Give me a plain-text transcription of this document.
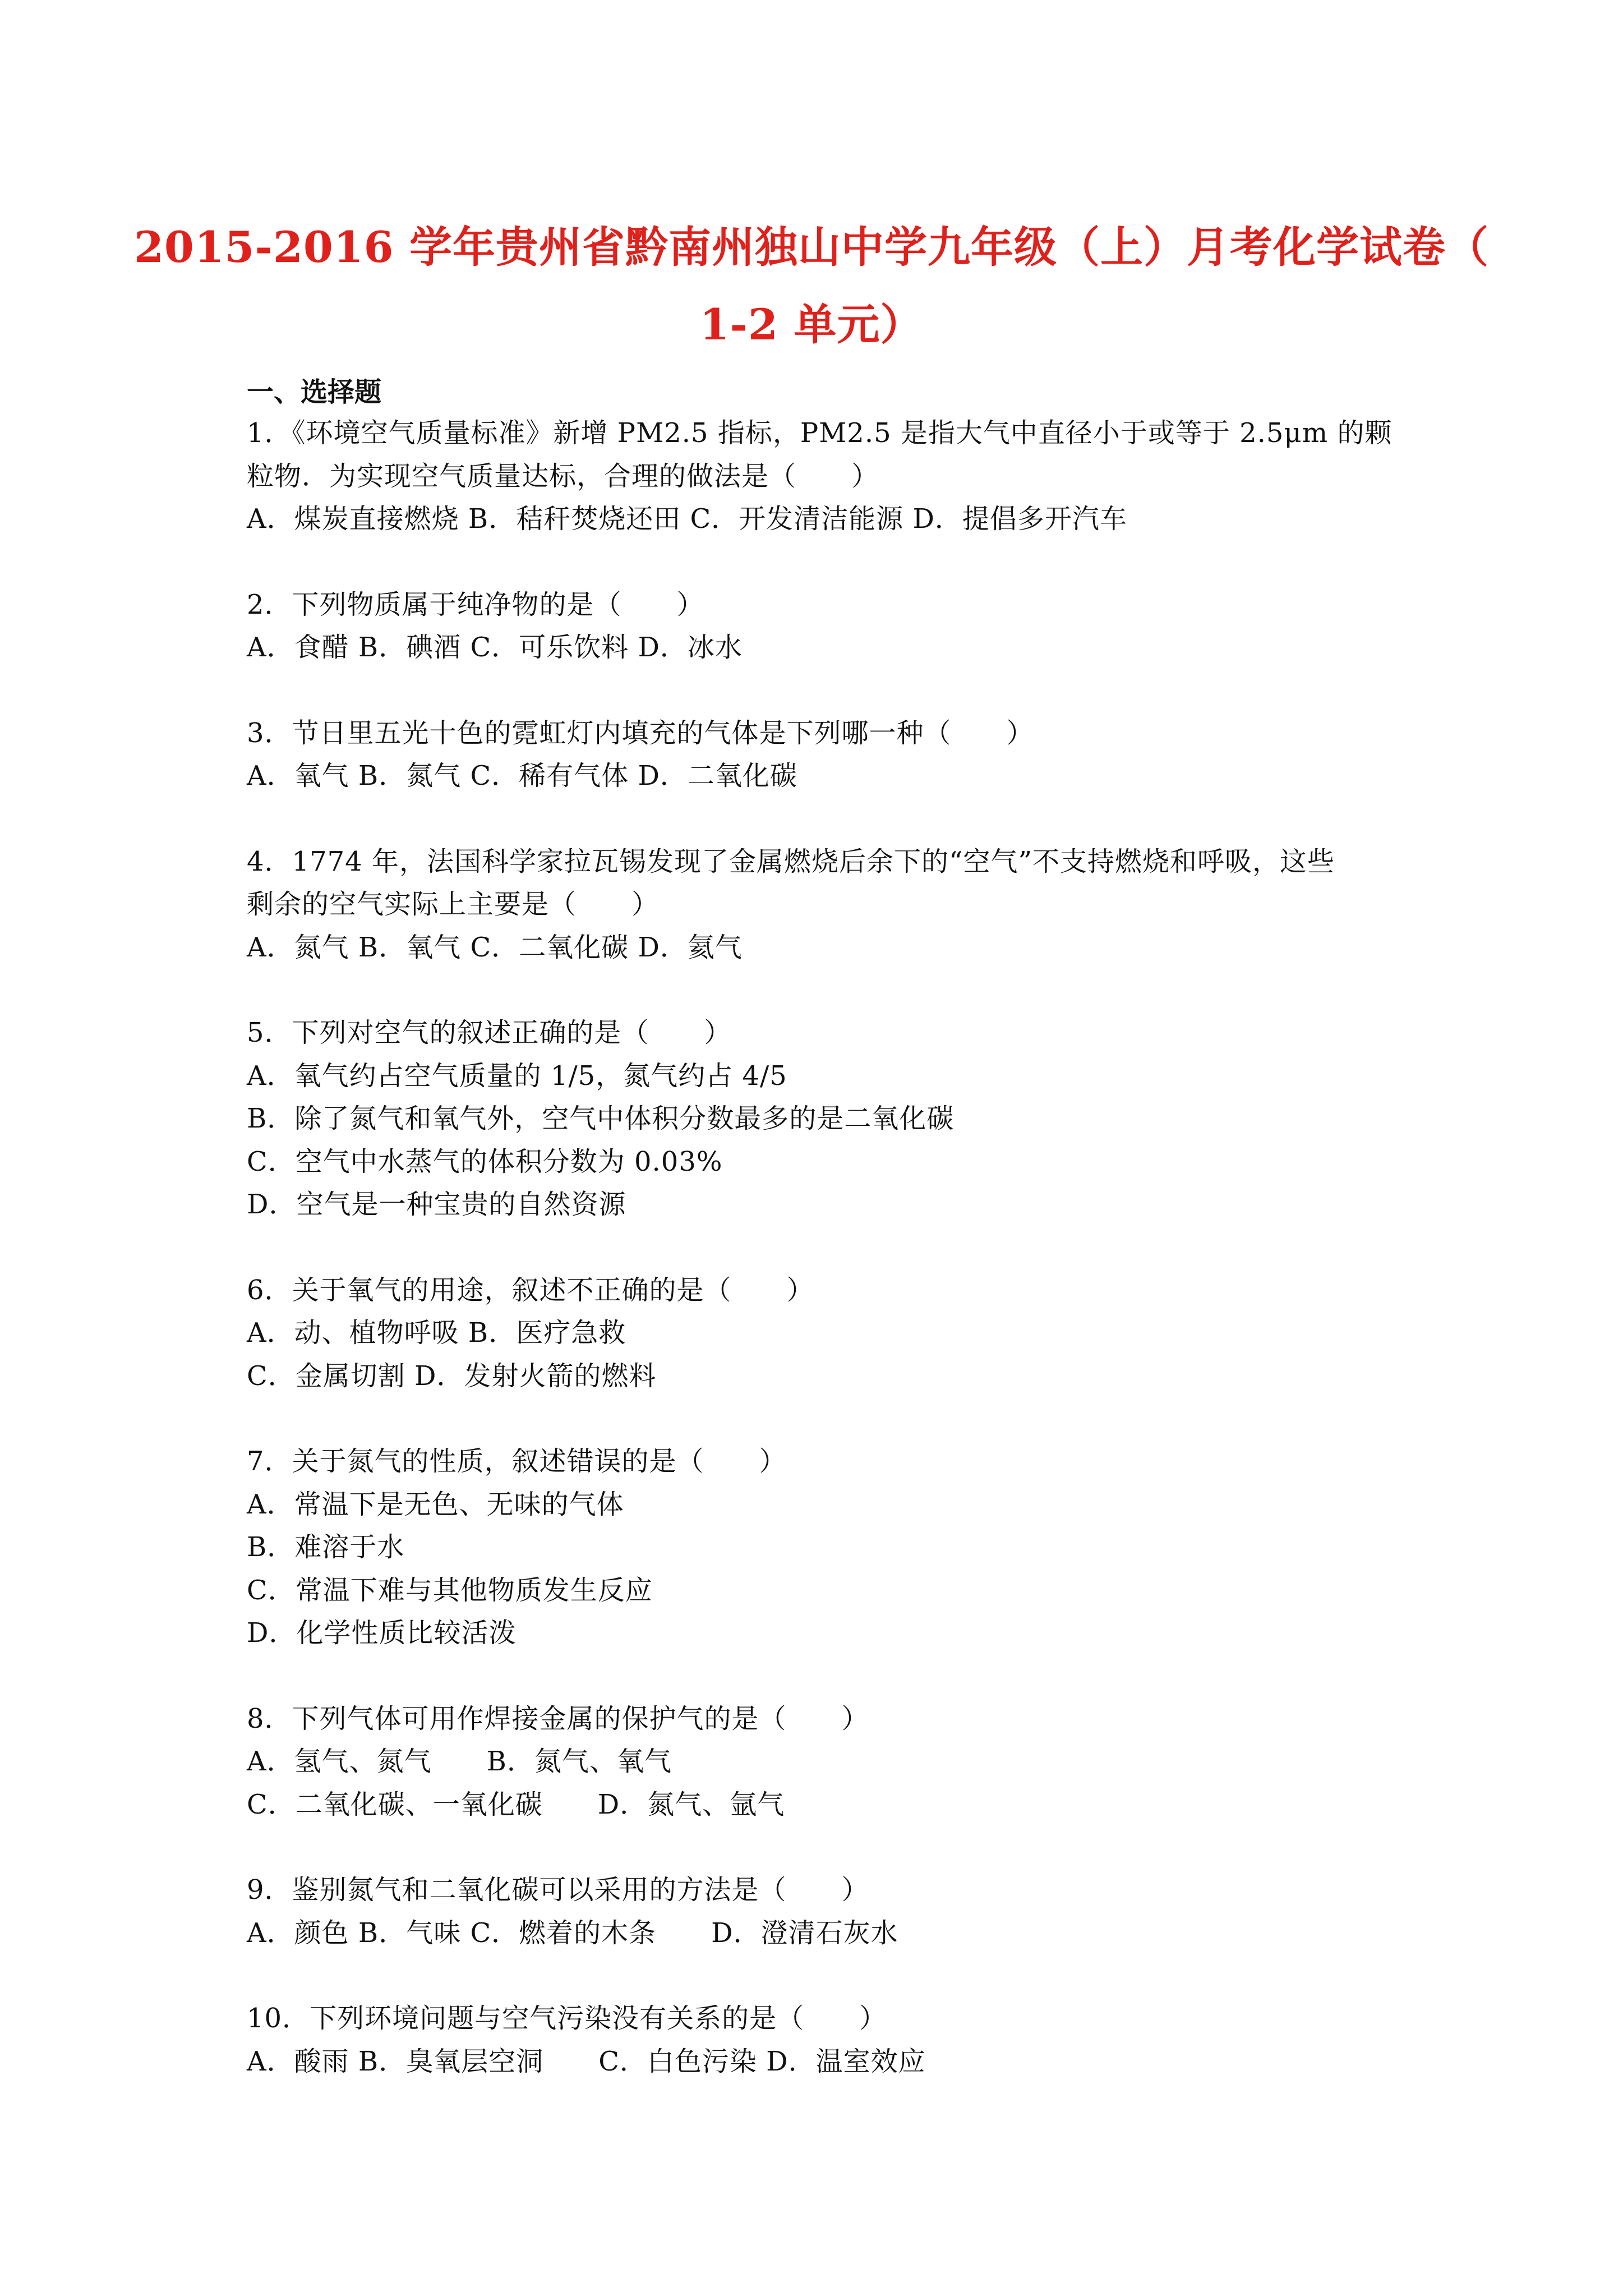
2015-2016 学年贵州省黔南州独山中学九年级（上）月考化学试卷（
1-2 单元）
一、选择题
1．《环境空气质量标准》新增 PM2.5 指标，PM2.5 是指大气中直径小于或等于 2.5μm 的颗
粒物．为实现空气质量达标，合理的做法是（　　）
A．煤炭直接燃烧 B．秸秆焚烧还田 C．开发清洁能源 D．提倡多开汽车
2．下列物质属于纯净物的是（　　）
A．食醋 B．碘酒 C．可乐饮料 D．冰水
3．节日里五光十色的霓虹灯内填充的气体是下列哪一种（　　）
A．氧气 B．氮气 C．稀有气体 D．二氧化碳
4．1774 年，法国科学家拉瓦锡发现了金属燃烧后余下的“空气”不支持燃烧和呼吸，这些
剩余的空气实际上主要是（　　）
A．氮气 B．氧气 C．二氧化碳 D．氦气
5．下列对空气的叙述正确的是（　　）
A．氧气约占空气质量的 1/5，氮气约占 4/5
B．除了氮气和氧气外，空气中体积分数最多的是二氧化碳
C．空气中水蒸气的体积分数为 0.03%
D．空气是一种宝贵的自然资源
6．关于氧气的用途，叙述不正确的是（　　）
A．动、植物呼吸 B．医疗急救
C．金属切割 D．发射火箭的燃料
7．关于氮气的性质，叙述错误的是（　　）
A．常温下是无色、无味的气体
B．难溶于水
C．常温下难与其他物质发生反应
D．化学性质比较活泼
8．下列气体可用作焊接金属的保护气的是（　　）
A．氢气、氮气　　B．氮气、氧气
C．二氧化碳、一氧化碳　　D．氮气、氩气
9．鉴别氮气和二氧化碳可以采用的方法是（　　）
A．颜色 B．气味 C．燃着的木条　　D．澄清石灰水
10．下列环境问题与空气污染没有关系的是（　　）
A．酸雨 B．臭氧层空洞　　C．白色污染 D．温室效应
